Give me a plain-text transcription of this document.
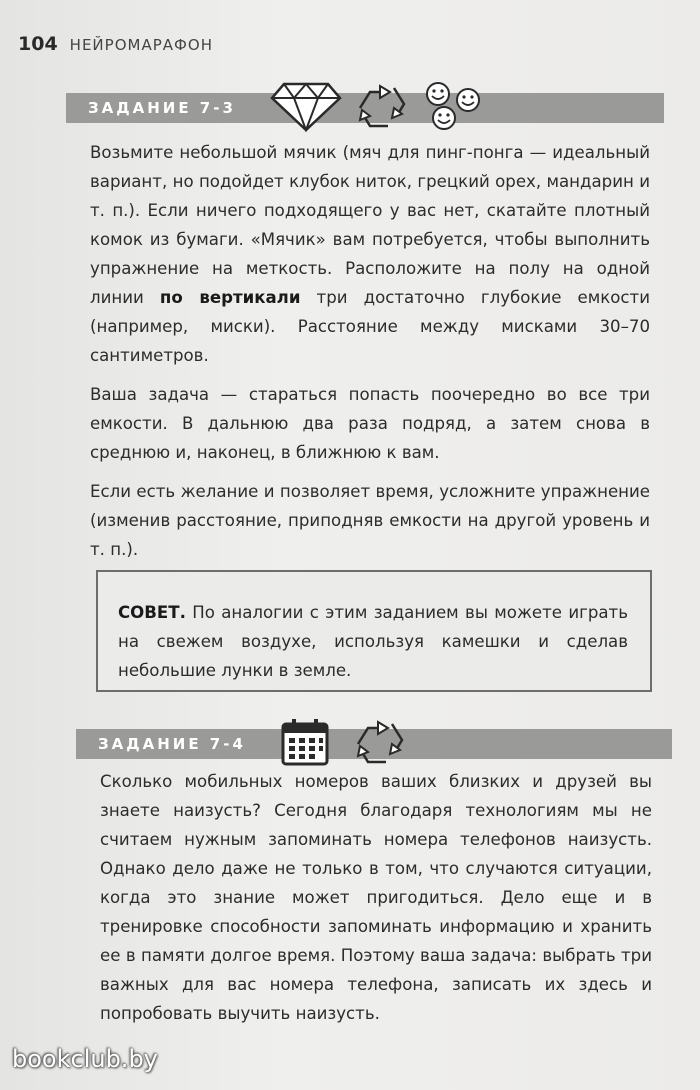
104 НЕЙРОМАРАФОН
ЗАДАНИЕ 7-3

Возьмите небольшой мячик (мяч для пинг-понга — идеальный вариант, но подойдет клубок ниток, грецкий орех, мандарин и т. п.). Если ничего подходящего у вас нет, скатайте плотный комок из бумаги. «Мячик» вам потребуется, чтобы выполнить упражнение на меткость. Расположите на полу на одной линии по вертикали три достаточно глубокие емкости (например, миски). Расстояние между мисками 30–70 сантиметров.

Ваша задача — стараться попасть поочередно во все три емкости. В дальнюю два раза подряд, а затем снова в среднюю и, наконец, в ближнюю к вам.

Если есть желание и позволяет время, усложните упражнение (изменив расстояние, приподняв емкости на другой уровень и т. п.).

СОВЕТ. По аналогии с этим заданием вы можете играть на свежем воздухе, используя камешки и сделав небольшие лунки в земле.
ЗАДАНИЕ 7-4

Сколько мобильных номеров ваших близких и друзей вы знаете наизусть? Сегодня благодаря технологиям мы не считаем нужным запоминать номера телефонов наизусть. Однако дело даже не только в том, что случаются ситуации, когда это знание может пригодиться. Дело еще и в тренировке способности запоминать информацию и хранить ее в памяти долгое время. Поэтому ваша задача: выбрать три важных для вас номера телефона, записать их здесь и попробовать выучить наизусть.

bookclub.by
